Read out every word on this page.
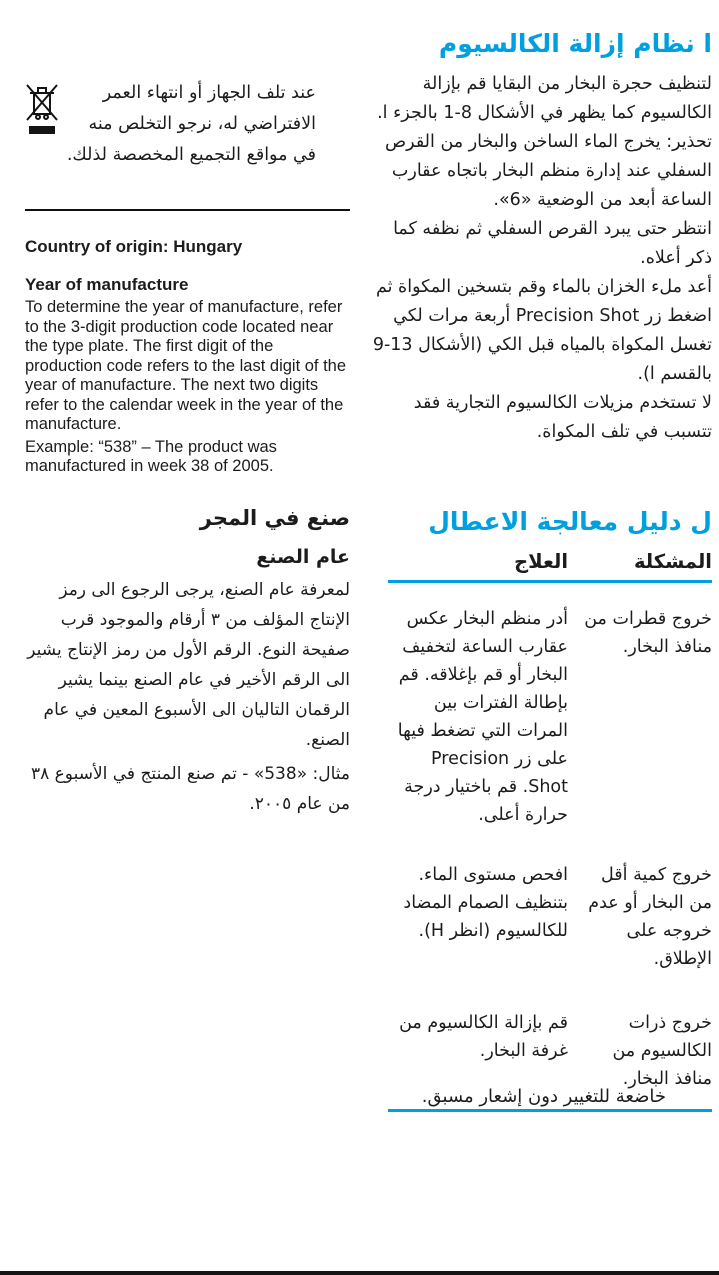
ا نظام إزالة الكالسيوم

لتنظيف حجرة البخار من البقايا قم بإزالة الكالسيوم كما يظهر في الأشكال 8-1 بالجزء ا.

تحذير: يخرج الماء الساخن والبخار من القرص السفلي عند إدارة منظم البخار باتجاه عقارب الساعة أبعد من الوضعية «6».

انتظر حتى يبرد القرص السفلي ثم نظفه كما ذكر أعلاه.

أعد ملء الخزان بالماء وقم بتسخين المكواة ثم اضغط زر Precision Shot أربعة مرات لكي تغسل المكواة بالمياه قبل الكي (الأشكال 13-9 بالقسم ا).

لا تستخدم مزيلات الكالسيوم التجارية فقد تتسبب في تلف المكواة.

ل دليل معالجة الاعطال
المشكلة
العلاج
خروج قطرات من منافذ البخار.
أدر منظم البخار عكس عقارب الساعة لتخفيف البخار أو قم بإغلاقه. قم بإطالة الفترات بين المرات التي تضغط فيها على زر Precision Shot. قم باختيار درجة حرارة أعلى.
خروج كمية أقل من البخار أو عدم خروجه على الإطلاق.
افحص مستوى الماء. بتنظيف الصمام المضاد للكالسيوم (انظر H).
خروج ذرات الكالسيوم من منافذ البخار.
قم بإزالة الكالسيوم من غرفة البخار.
عند تلف الجهاز أو انتهاء العمر الافتراضي له، نرجو التخلص منه في مواقع التجميع المخصصة لذلك.
Country of origin: Hungary
Year of manufacture
To determine the year of manufacture, refer to the 3-digit production code located near the type plate. The first digit of the production code refers to the last digit of the year of manufacture. The next two digits refer to the calendar week in the year of the manufacture.
Example: “538” – The product was manufactured in week 38 of 2005.
صنع في المجر
عام الصنع
لمعرفة عام الصنع، يرجى الرجوع الى رمز الإنتاج المؤلف من ٣ أرقام والموجود قرب صفيحة النوع. الرقم الأول من رمز الإنتاج يشير الى الرقم الأخير في عام الصنع بينما يشير الرقمان التاليان الى الأسبوع المعين في عام الصنع.
مثال: «538» - تم صنع المنتج في الأسبوع ٣٨ من عام ٢٠٠٥.
خاضعة للتغيير دون إشعار مسبق.
